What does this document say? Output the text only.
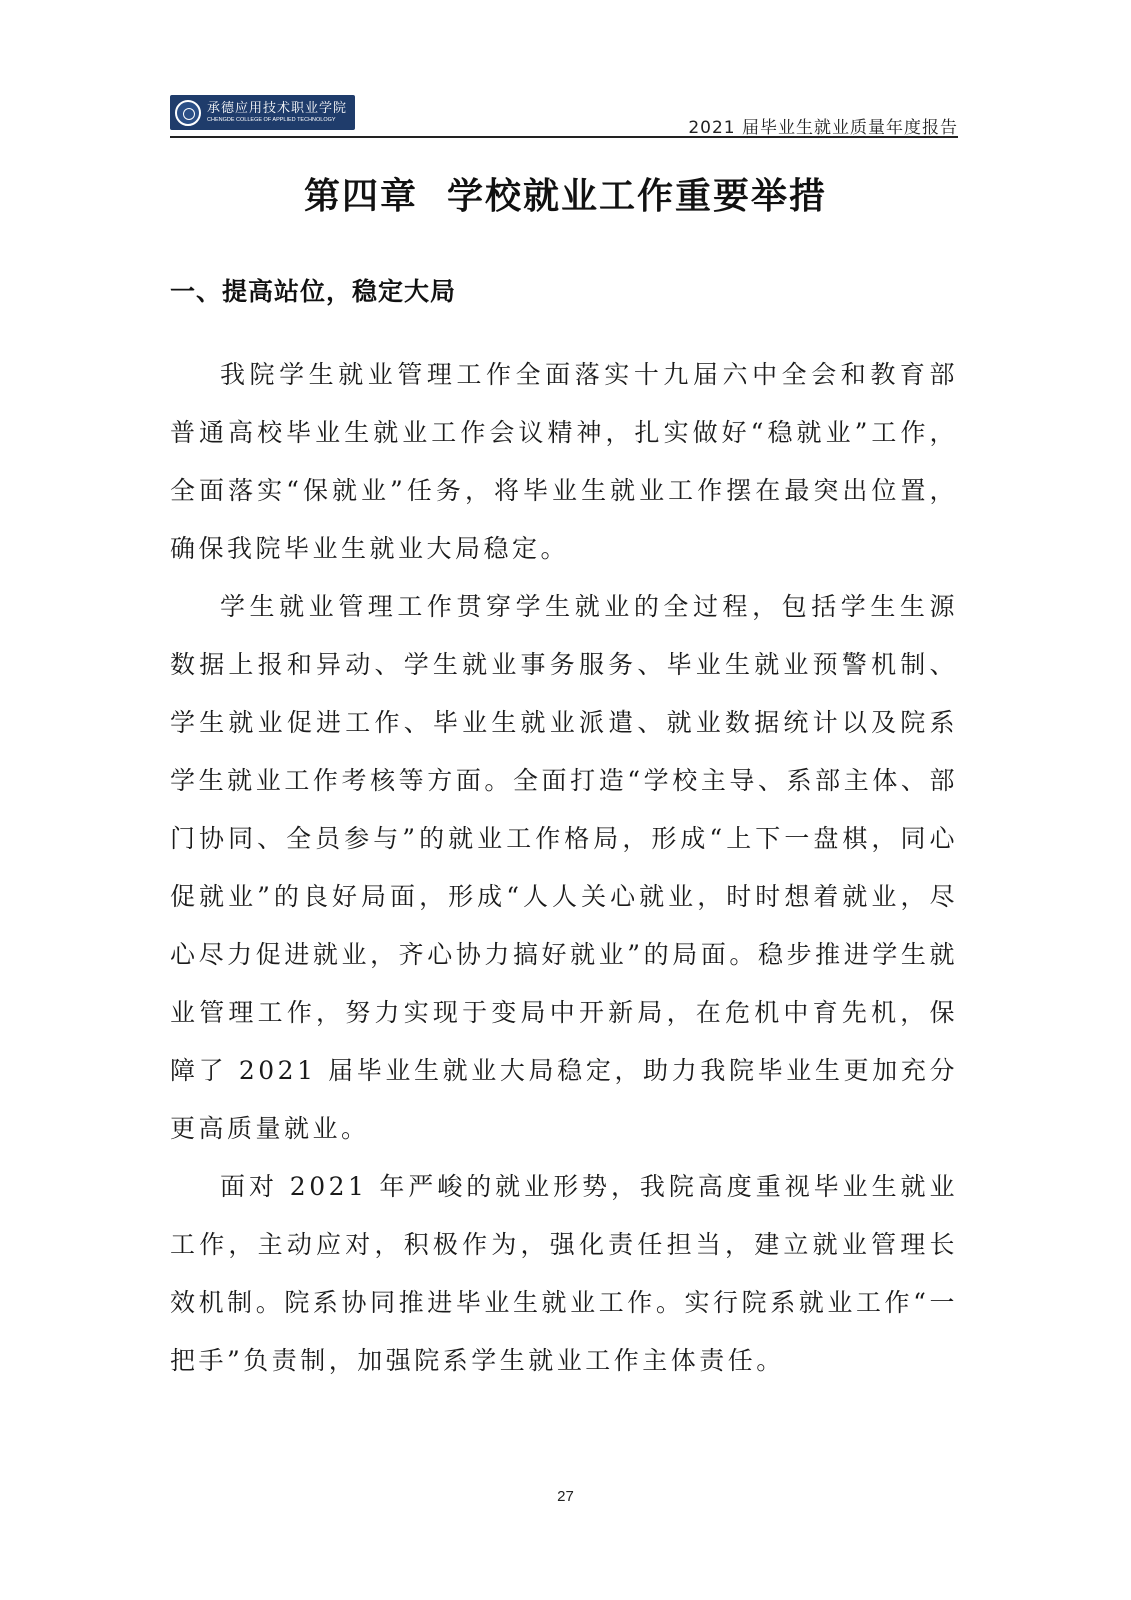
承德应用技术职业学院
CHENGDE COLLEGE OF APPLIED TECHNOLOGY	2021 届毕业生就业质量年度报告
第四章  学校就业工作重要举措
一、提高站位，稳定大局

我院学生就业管理工作全面落实十九届六中全会和教育部普通高校毕业生就业工作会议精神，扎实做好“稳就业”工作，全面落实“保就业”任务，将毕业生就业工作摆在最突出位置，确保我院毕业生就业大局稳定。

学生就业管理工作贯穿学生就业的全过程，包括学生生源数据上报和异动、学生就业事务服务、毕业生就业预警机制、学生就业促进工作、毕业生就业派遣、就业数据统计以及院系学生就业工作考核等方面。全面打造“学校主导、系部主体、部门协同、全员参与”的就业工作格局，形成“上下一盘棋，同心促就业”的良好局面，形成“人人关心就业，时时想着就业，尽心尽力促进就业，齐心协力搞好就业”的局面。稳步推进学生就业管理工作，努力实现于变局中开新局，在危机中育先机，保障了 2021 届毕业生就业大局稳定，助力我院毕业生更加充分更高质量就业。

面对 2021 年严峻的就业形势，我院高度重视毕业生就业工作，主动应对，积极作为，强化责任担当，建立就业管理长效机制。院系协同推进毕业生就业工作。实行院系就业工作“一把手”负责制，加强院系学生就业工作主体责任。

27
